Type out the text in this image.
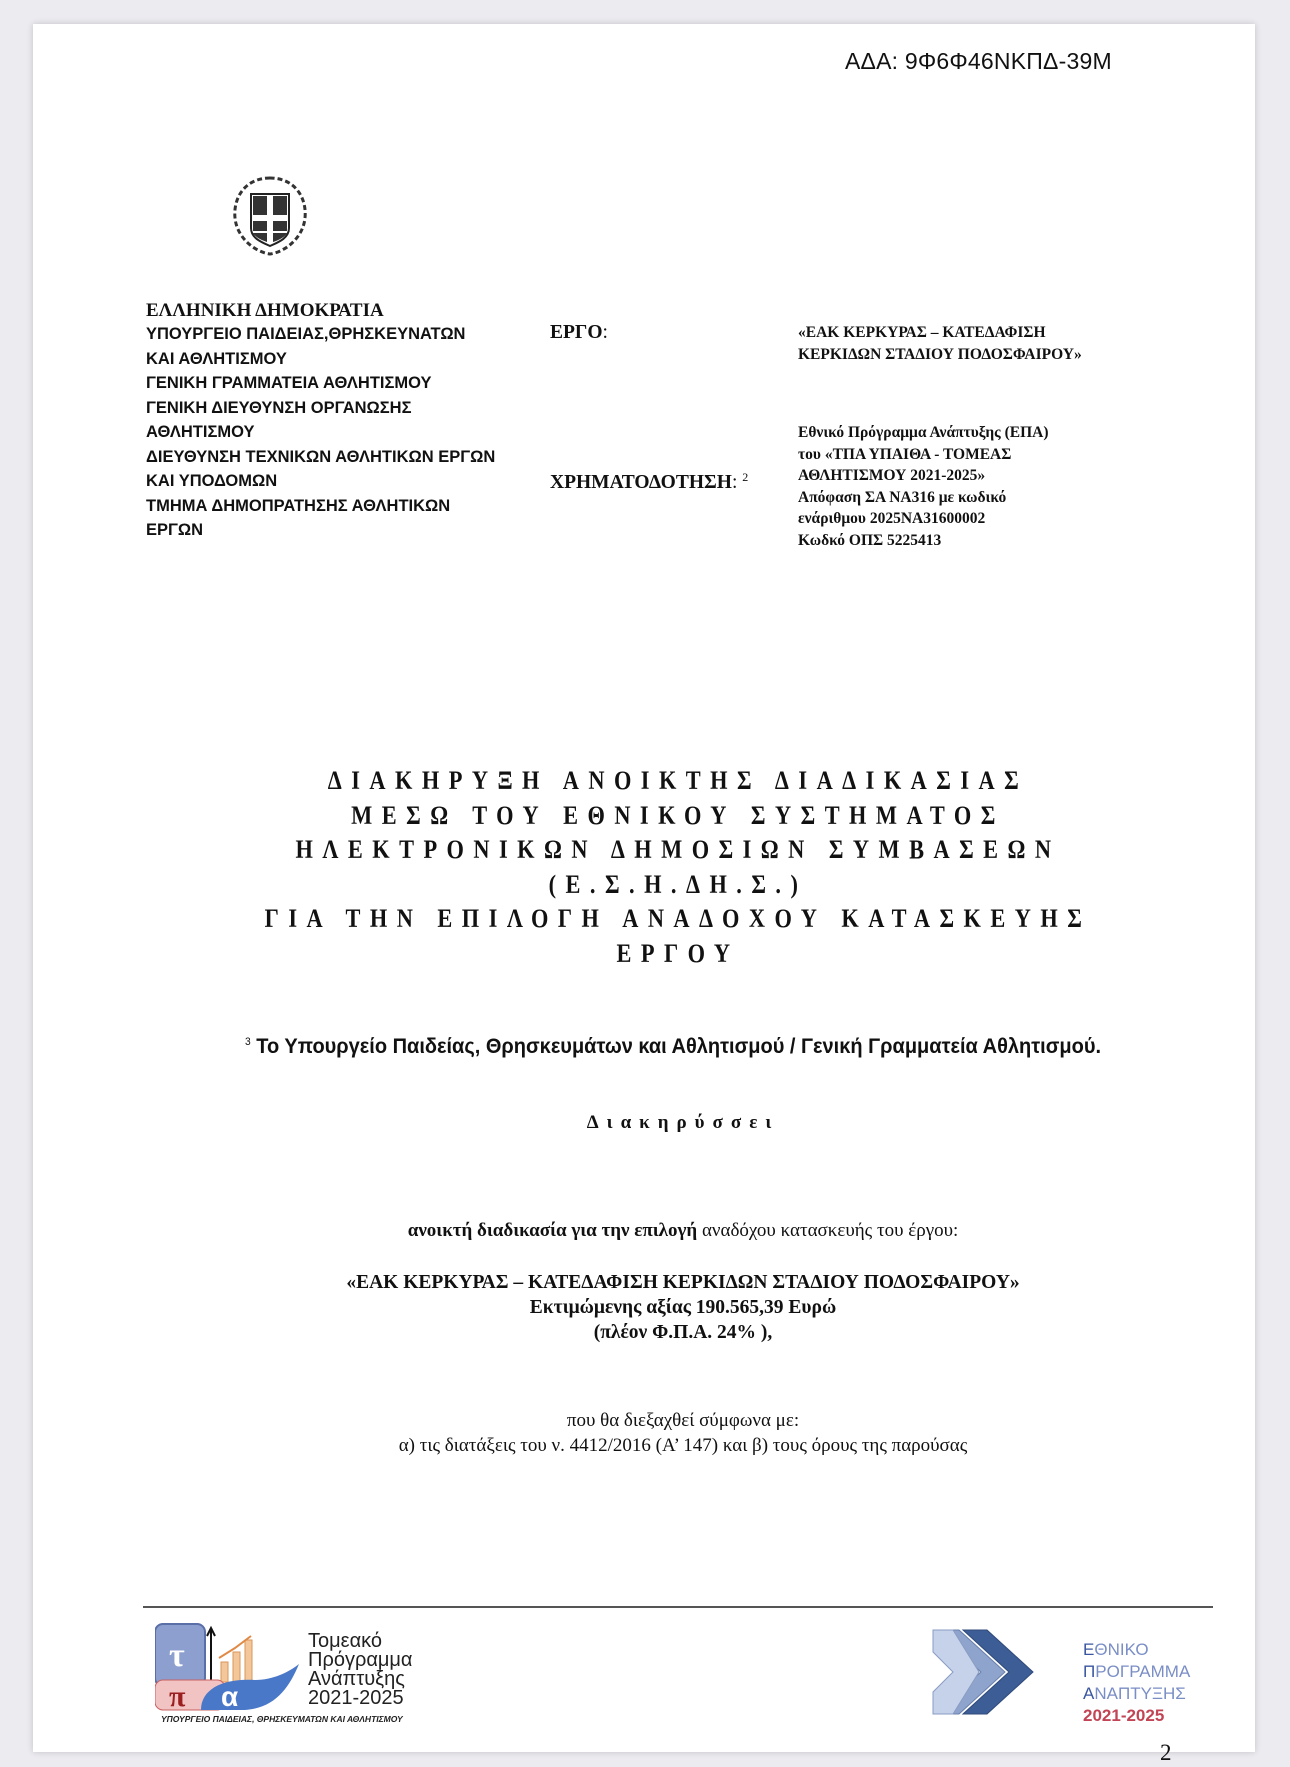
ΑΔΑ: 9Φ6Φ46ΝΚΠΔ-39Μ
ΕΛΛΗΝΙΚΗ ΔΗΜΟΚΡΑΤΙΑ
ΥΠΟΥΡΓΕΙΟ ΠΑΙΔΕΙΑΣ,ΘΡΗΣΚΕΥΝΑΤΩΝ
ΚΑΙ ΑΘΛΗΤΙΣΜΟΥ
ΓΕΝΙΚΗ ΓΡΑΜΜΑΤΕΙΑ ΑΘΛΗΤΙΣΜΟΥ
ΓΕΝΙΚΗ ΔΙΕΥΘΥΝΣΗ ΟΡΓΑΝΩΣΗΣ
ΑΘΛΗΤΙΣΜΟΥ
ΔΙΕΥΘΥΝΣΗ ΤΕΧΝΙΚΩΝ ΑΘΛΗΤΙΚΩΝ ΕΡΓΩΝ
ΚΑΙ ΥΠΟΔΟΜΩΝ
ΤΜΗΜΑ ΔΗΜΟΠΡΑΤΗΣΗΣ ΑΘΛΗΤΙΚΩΝ
ΕΡΓΩΝ
ΕΡΓΟ:
ΧΡΗΜΑΤΟΔΟΤΗΣΗ: $^2$
«ΕΑΚ ΚΕΡΚΥΡΑΣ – ΚΑΤΕΔΑΦΙΣΗ
ΚΕΡΚΙΔΩΝ ΣΤΑΔΙΟΥ ΠΟΔΟΣΦΑΙΡΟΥ»
Εθνικό Πρόγραμμα Ανάπτυξης (ΕΠΑ)
του «ΤΠΑ ΥΠΑΙΘΑ - ΤΟΜΕΑΣ
ΑΘΛΗΤΙΣΜΟΥ 2021-2025»
Απόφαση ΣΑ ΝΑ316 με κωδικό
ενάριθμου 2025ΝΑ31600002
Κωδκό ΟΠΣ 5225413
ΔΙΑΚΗΡΥΞΗ ΑΝΟΙΚΤΗΣ ΔΙΑΔΙΚΑΣΙΑΣ
ΜΕΣΩ ΤΟΥ ΕΘΝΙΚΟΥ ΣΥΣΤΗΜΑΤΟΣ
ΗΛΕΚΤΡΟΝΙΚΩΝ ΔΗΜΟΣΙΩΝ ΣΥΜΒΑΣΕΩΝ
(Ε.Σ.Η.ΔΗ.Σ.)
ΓΙΑ ΤΗΝ ΕΠΙΛΟΓΗ ΑΝΑΔΟΧΟΥ ΚΑΤΑΣΚΕΥΗΣ
ΕΡΓΟΥ
$^3$ Το Υπουργείο Παιδείας, Θρησκευμάτων και Αθλητισμού / Γενική Γραμματεία Αθλητισμού.
Διακηρύσσει
ανοικτή διαδικασία για την επιλογή αναδόχου κατασκευής του έργου:
«ΕΑΚ ΚΕΡΚΥΡΑΣ – ΚΑΤΕΔΑΦΙΣΗ ΚΕΡΚΙΔΩΝ ΣΤΑΔΙΟΥ ΠΟΔΟΣΦΑΙΡΟΥ»
Εκτιμώμενης αξίας 190.565,39 Ευρώ
(πλέον Φ.Π.Α. 24% ),
που θα διεξαχθεί σύμφωνα με:
α) τις διατάξεις του ν. 4412/2016 (Α’ 147) και β) τους όρους της παρούσας
τ
π α
Τομεακό
Πρόγραμμα
Ανάπτυξης
2021-2025
ΥΠΟΥΡΓΕΙΟ ΠΑΙΔΕΙΑΣ, ΘΡΗΣΚΕΥΜΑΤΩΝ ΚΑΙ ΑΘΛΗΤΙΣΜΟΥ
ΕΘΝΙΚΟ
ΠΡΟΓΡΑΜΜΑ
ΑΝΑΠΤΥΞΗΣ
2021-2025
2
